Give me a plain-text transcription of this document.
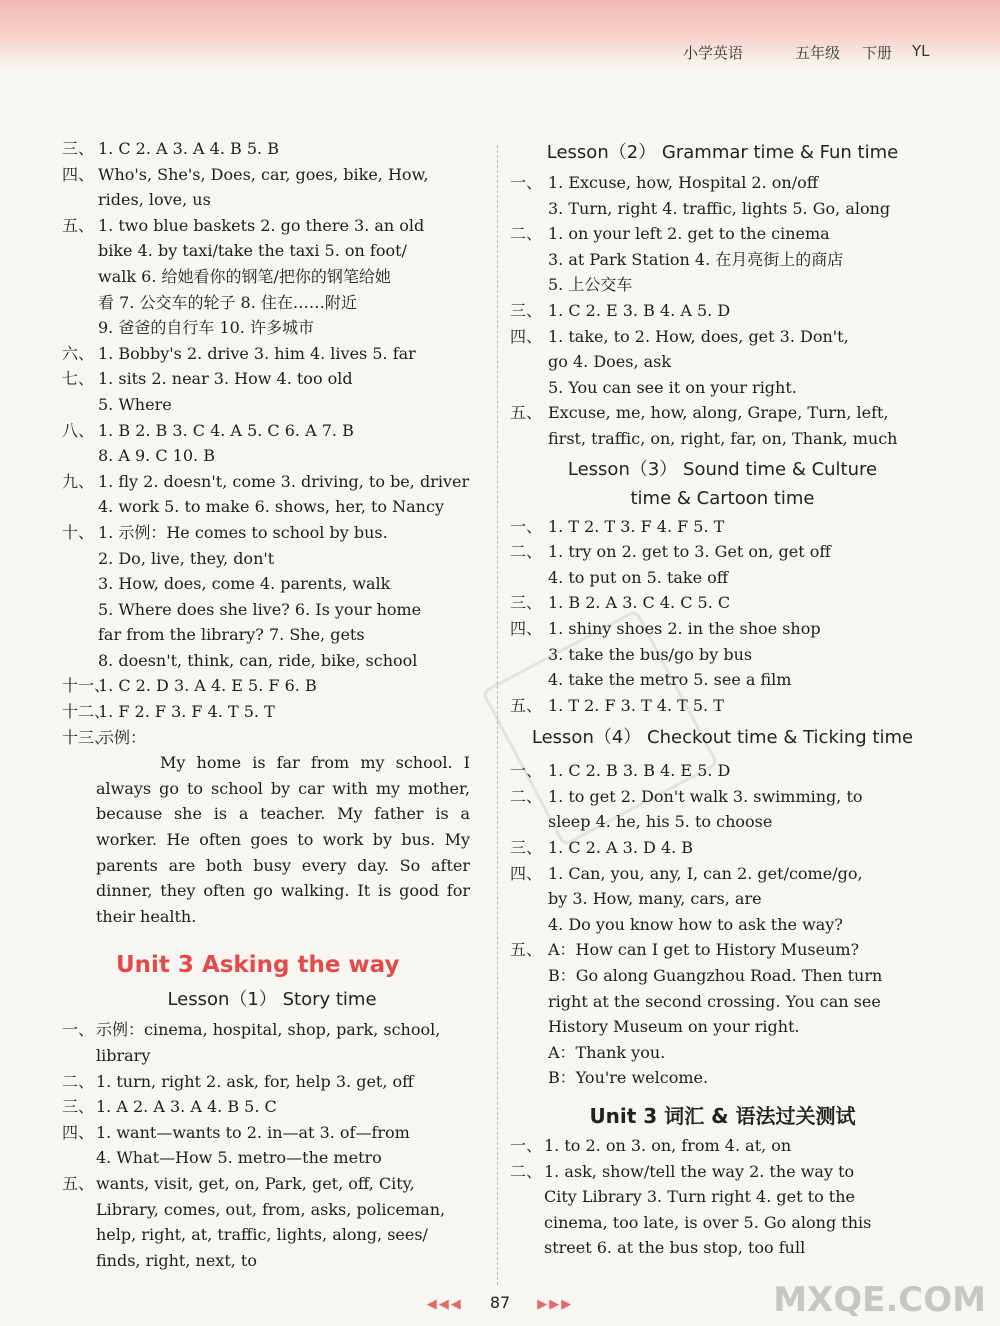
小学英语	五年级 下册 YL
三、 1. C 2. A 3. A 4. B 5. B
四、 Who's, She's, Does, car, goes, bike, How,
rides, love, us
五、 1. two blue baskets 2. go there 3. an old
bike 4. by taxi/take the taxi 5. on foot/
walk 6. 给她看你的钢笔/把你的钢笔给她
看 7. 公交车的轮子 8. 住在……附近
9. 爸爸的自行车 10. 许多城市
六、 1. Bobby's 2. drive 3. him 4. lives 5. far
七、 1. sits 2. near 3. How 4. too old
5. Where
八、 1. B 2. B 3. C 4. A 5. C 6. A 7. B
8. A 9. C 10. B
九、 1. fly 2. doesn't, come 3. driving, to be, driver
4. work 5. to make 6. shows, her, to Nancy
十、 1. 示例：He comes to school by bus.
2. Do, live, they, don't
3. How, does, come 4. parents, walk
5. Where does she live? 6. Is your home
far from the library? 7. She, gets
8. doesn't, think, can, ride, bike, school
十一、1. C 2. D 3. A 4. E 5. F 6. B
十二、1. F 2. F 3. F 4. T 5. T
十三、示例：
My home is far from my school. I always go to school by car with my mother, because she is a teacher. My father is a worker. He often goes to work by bus. My parents are both busy every day. So after dinner, they often go walking. It is good for their health.
Unit 3 Asking the way
Lesson（1） Story time
一、 示例：cinema, hospital, shop, park, school,
library
二、 1. turn, right 2. ask, for, help 3. get, off
三、 1. A 2. A 3. A 4. B 5. C
四、 1. want—wants to 2. in—at 3. of—from
4. What—How 5. metro—the metro
五、 wants, visit, get, on, Park, get, off, City,
Library, comes, out, from, asks, policeman,
help, right, at, traffic, lights, along, sees/
finds, right, next, to
Lesson（2） Grammar time & Fun time
一、 1. Excuse, how, Hospital 2. on/off
3. Turn, right 4. traffic, lights 5. Go, along
二、 1. on your left 2. get to the cinema
3. at Park Station 4. 在月亮街上的商店
5. 上公交车
三、 1. C 2. E 3. B 4. A 5. D
四、 1. take, to 2. How, does, get 3. Don't,
go 4. Does, ask
5. You can see it on your right.
五、 Excuse, me, how, along, Grape, Turn, left,
first, traffic, on, right, far, on, Thank, much
Lesson（3） Sound time & Culture
time & Cartoon time
一、 1. T 2. T 3. F 4. F 5. T
二、 1. try on 2. get to 3. Get on, get off
4. to put on 5. take off
三、 1. B 2. A 3. C 4. C 5. C
四、 1. shiny shoes 2. in the shoe shop
3. take the bus/go by bus
4. take the metro 5. see a film
五、 1. T 2. F 3. T 4. T 5. T
Lesson（4） Checkout time & Ticking time
一、 1. C 2. B 3. B 4. E 5. D
二、 1. to get 2. Don't walk 3. swimming, to
sleep 4. he, his 5. to choose
三、 1. C 2. A 3. D 4. B
四、 1. Can, you, any, I, can 2. get/come/go,
by 3. How, many, cars, are
4. Do you know how to ask the way?
五、 A：How can I get to History Museum?
B：Go along Guangzhou Road. Then turn
right at the second crossing. You can see
History Museum on your right.
A：Thank you.
B：You're welcome.
Unit 3 词汇 & 语法过关测试
一、 1. to 2. on 3. on, from 4. at, on
二、 1. ask, show/tell the way 2. the way to
City Library 3. Turn right 4. get to the
cinema, too late, is over 5. Go along this
street 6. at the bus stop, too full
◀◀◀ 87 ▶▶▶	MXQE.COM
